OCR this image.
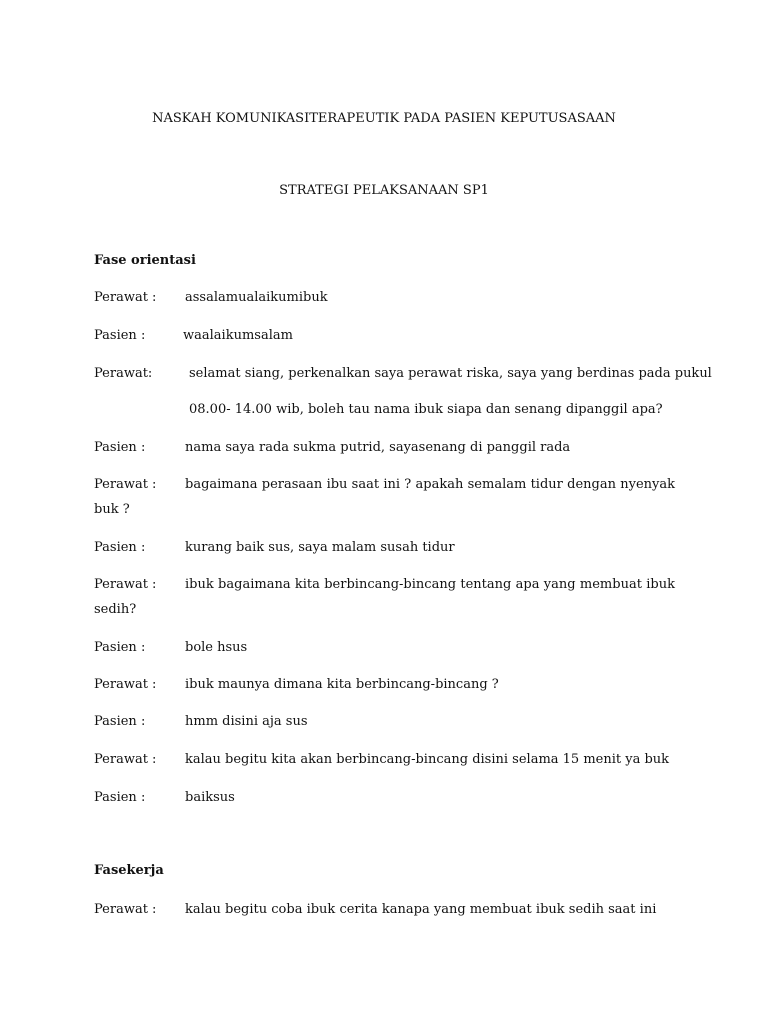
NASKAH KOMUNIKASITERAPEUTIK PADA PASIEN KEPUTUSASAAN
STRATEGI PELAKSANAAN SP1
Fase orientasi
Perawat : assalamualaikumibuk
Pasien :	waalaikumsalam
Perawat:	selamat siang, perkenalkan saya perawat riska, saya yang berdinas pada pukul
08.00- 14.00 wib, boleh tau nama ibuk siapa dan senang dipanggil apa?
Pasien :	nama saya rada sukma putrid, sayasenang di panggil rada
Perawat : bagaimana perasaan ibu saat ini ? apakah semalam tidur dengan nyenyak
buk ?
Pasien :	kurang baik sus, saya malam susah tidur
Perawat : ibuk bagaimana kita berbincang-bincang tentang apa yang membuat ibuk
sedih?
Pasien :	bole hsus
Perawat : ibuk maunya dimana kita berbincang-bincang ?
Pasien :	hmm disini aja sus
Perawat : kalau begitu kita akan berbincang-bincang disini selama 15 menit ya buk
Pasien :	baiksus
Fasekerja
Perawat : kalau begitu coba ibuk cerita kanapa yang membuat ibuk sedih saat ini
